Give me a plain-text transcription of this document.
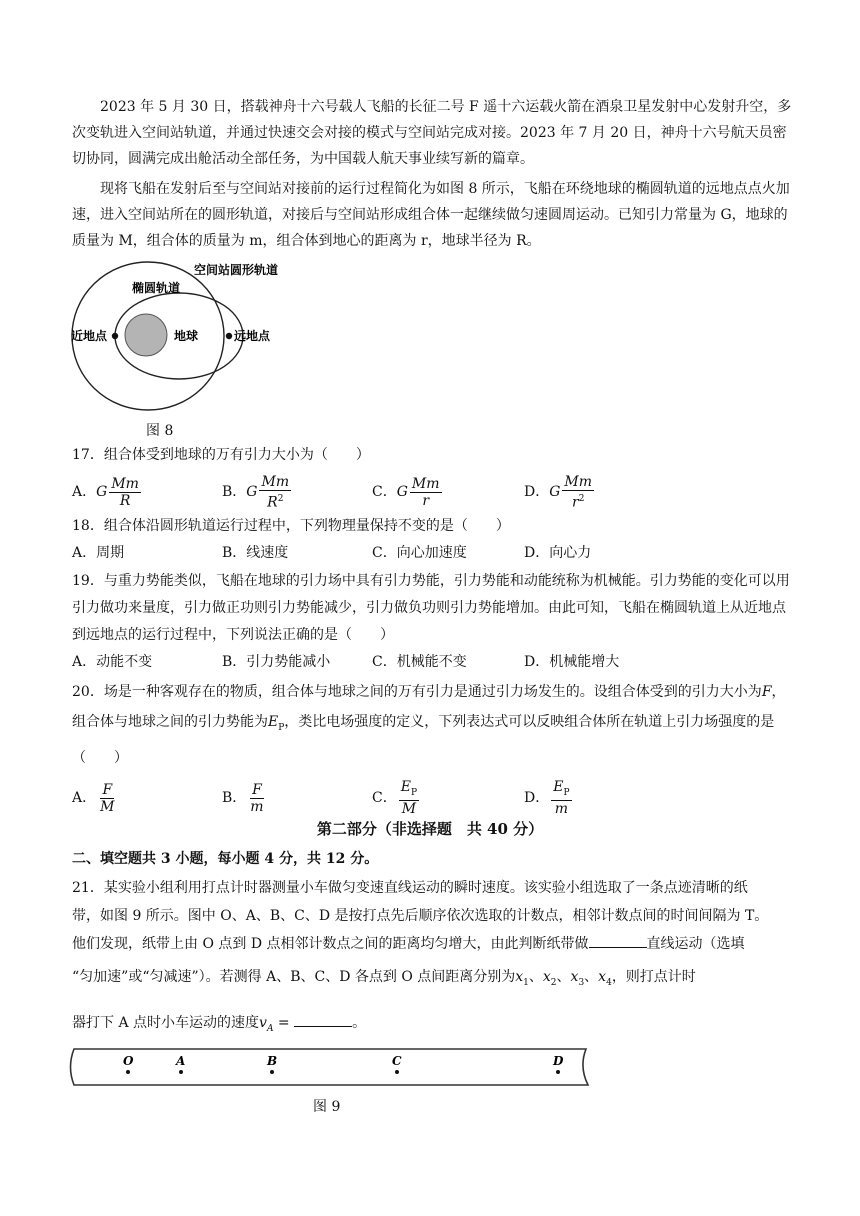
2023 年 5 月 30 日，搭载神舟十六号载人飞船的长征二号 F 遥十六运载火箭在酒泉卫星发射中心发射升空，多次变轨进入空间站轨道，并通过快速交会对接的模式与空间站完成对接。2023 年 7 月 20 日，神舟十六号航天员密切协同，圆满完成出舱活动全部任务，为中国载人航天事业续写新的篇章。

现将飞船在发射后至与空间站对接前的运行过程简化为如图 8 所示，飞船在环绕地球的椭圆轨道的远地点点火加速，进入空间站所在的圆形轨道，对接后与空间站形成组合体一起继续做匀速圆周运动。已知引力常量为 G，地球的质量为 M，组合体的质量为 m，组合体到地心的距离为 r，地球半径为 R。

空间站圆形轨道
椭圆轨道
近地点	地球	远地点
图 8

17．组合体受到地球的万有引力大小为（　　）

A．G $\frac{Mm}{R}$	B．G $\frac{Mm}{R^2}$	C．G $\frac{Mm}{r}$	D．G $\frac{Mm}{r^2}$

18．组合体沿圆形轨道运行过程中，下列物理量保持不变的是（　　）

A．周期	B．线速度	C．向心加速度	D．向心力

19．与重力势能类似，飞船在地球的引力场中具有引力势能，引力势能和动能统称为机械能。引力势能的变化可以用引力做功来量度，引力做正功则引力势能减少，引力做负功则引力势能增加。由此可知，飞船在椭圆轨道上从近地点到远地点的运行过程中，下列说法正确的是（　　）

A．动能不变	B．引力势能减小	C．机械能不变	D．机械能增大

20．场是一种客观存在的物质，组合体与地球之间的万有引力是通过引力场发生的。设组合体受到的引力大小为F，组合体与地球之间的引力势能为$E_P$，类比电场强度的定义，下列表达式可以反映组合体所在轨道上引力场强度的是（　　）

A． $\frac{F}{M}$	B． $\frac{F}{m}$	C． $\frac{E_P}{M}$	D． $\frac{E_P}{m}$
第二部分（非选择题　共 40 分）
二、填空题共 3 小题，每小题 4 分，共 12 分。

21．某实验小组利用打点计时器测量小车做匀变速直线运动的瞬时速度。该实验小组选取了一条点迹清晰的纸

带，如图 9 所示。图中 O、A、B、C、D 是按打点先后顺序依次选取的计数点，相邻计数点间的时间间隔为 T。

他们发现，纸带上由 O 点到 D 点相邻计数点之间的距离均匀增大，由此判断纸带做	直线运动（选填

“匀加速”或“匀减速”）。若测得 A、B、C、D 各点到 O 点间距离分别为$x_1$、$x_2$、$x_3$、$x_4$，则打点计时

器打下 A 点时小车运动的速度$v_A$ =	。

O	A	B	C	D
图 9
